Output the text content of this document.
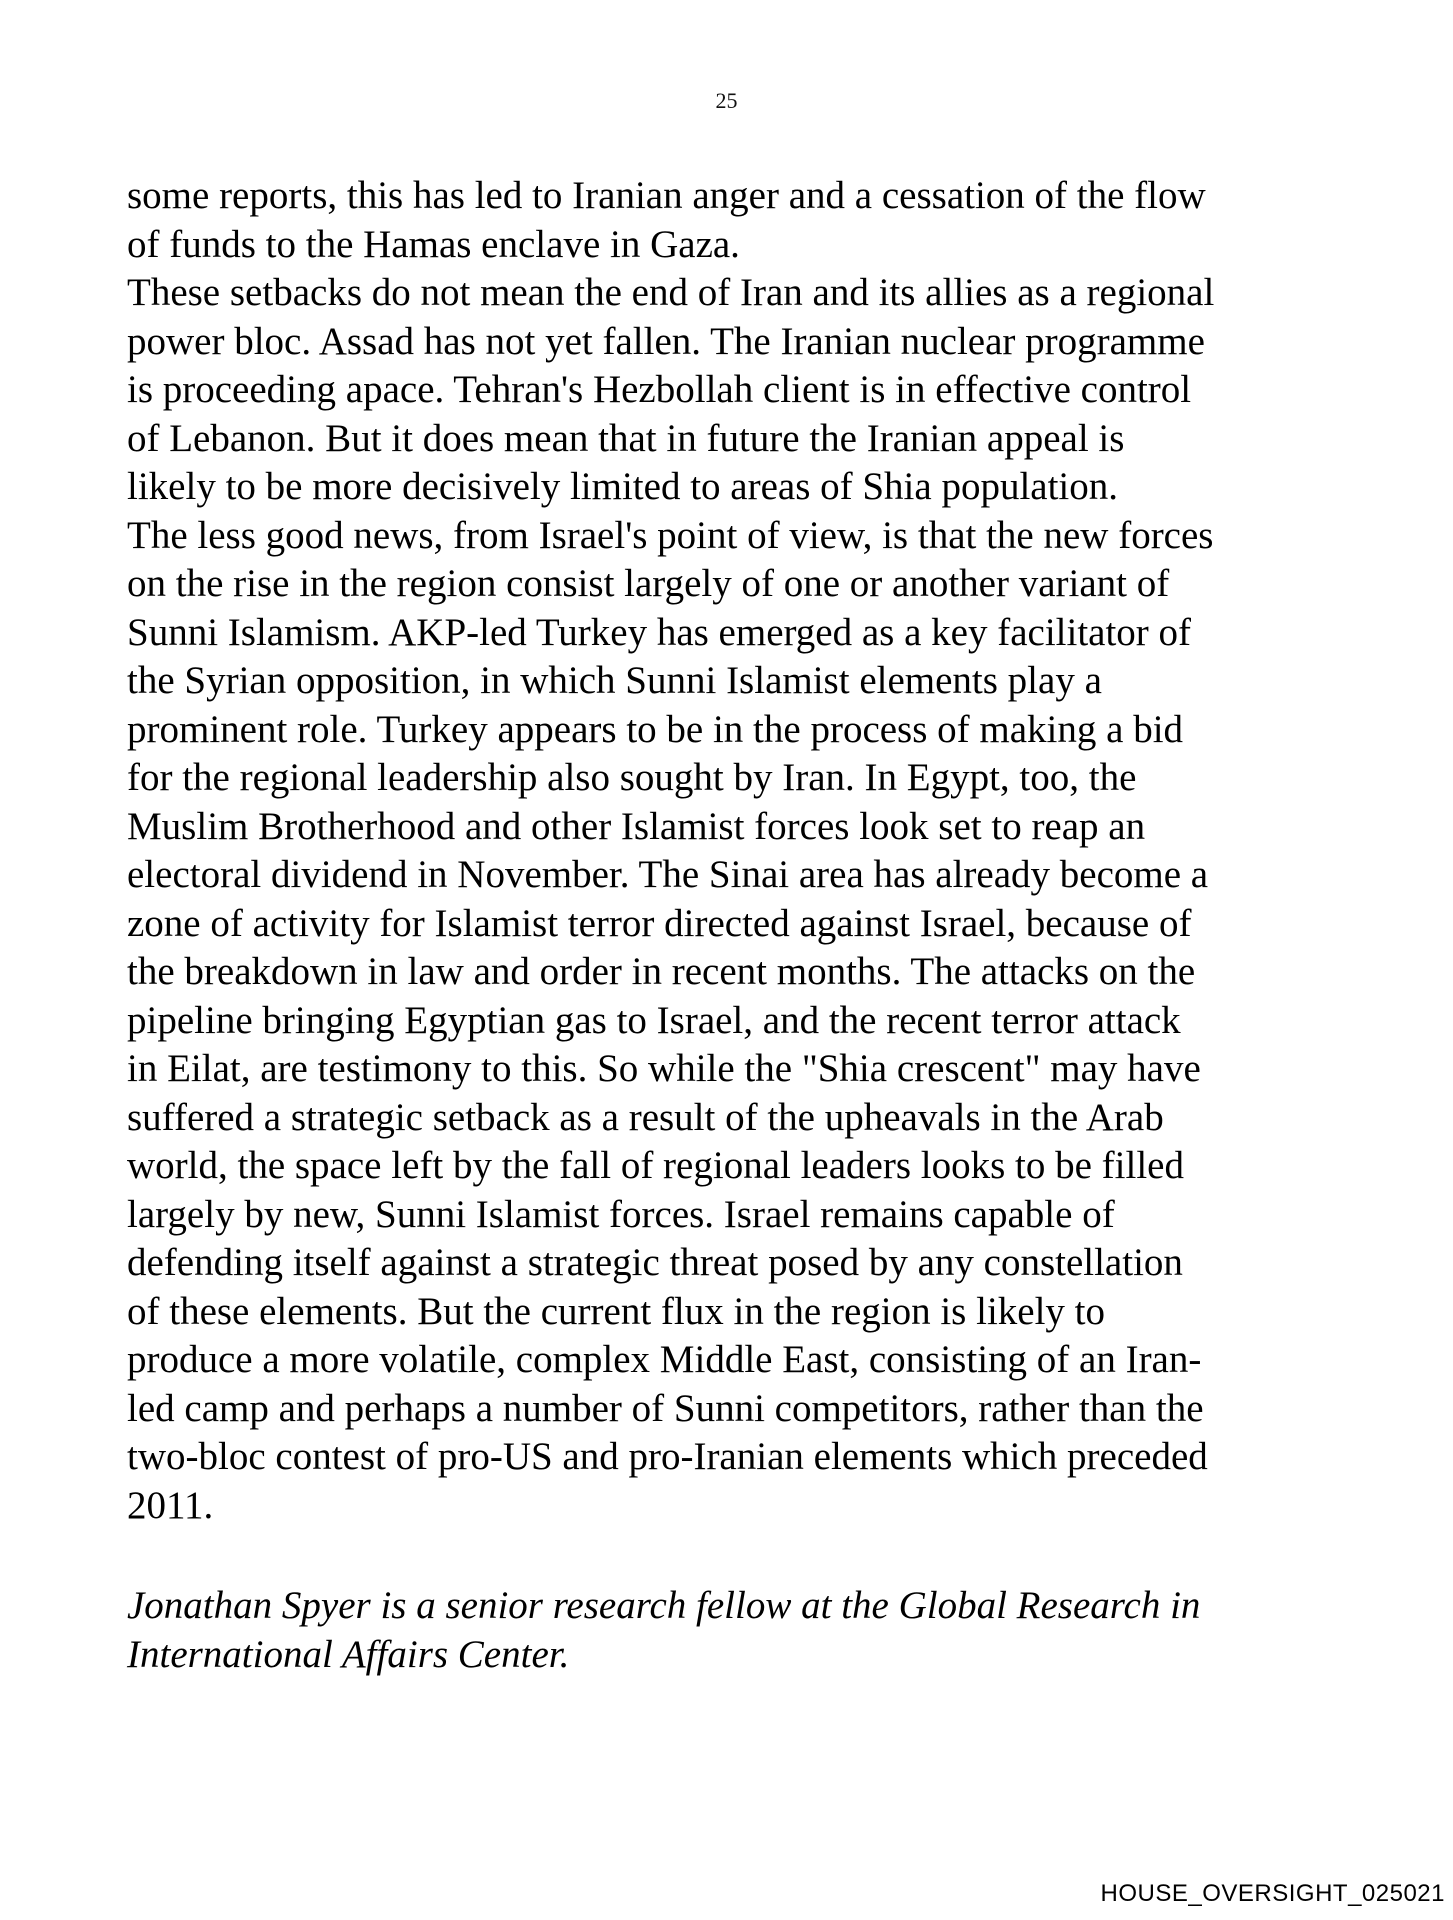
25
some reports, this has led to Iranian anger and a cessation of the flow
of funds to the Hamas enclave in Gaza.
These setbacks do not mean the end of Iran and its allies as a regional
power bloc. Assad has not yet fallen. The Iranian nuclear programme
is proceeding apace. Tehran's Hezbollah client is in effective control
of Lebanon. But it does mean that in future the Iranian appeal is
likely to be more decisively limited to areas of Shia population.
The less good news, from Israel's point of view, is that the new forces
on the rise in the region consist largely of one or another variant of
Sunni Islamism. AKP-led Turkey has emerged as a key facilitator of
the Syrian opposition, in which Sunni Islamist elements play a
prominent role. Turkey appears to be in the process of making a bid
for the regional leadership also sought by Iran. In Egypt, too, the
Muslim Brotherhood and other Islamist forces look set to reap an
electoral dividend in November. The Sinai area has already become a
zone of activity for Islamist terror directed against Israel, because of
the breakdown in law and order in recent months. The attacks on the
pipeline bringing Egyptian gas to Israel, and the recent terror attack
in Eilat, are testimony to this. So while the "Shia crescent" may have
suffered a strategic setback as a result of the upheavals in the Arab
world, the space left by the fall of regional leaders looks to be filled
largely by new, Sunni Islamist forces. Israel remains capable of
defending itself against a strategic threat posed by any constellation
of these elements. But the current flux in the region is likely to
produce a more volatile, complex Middle East, consisting of an Iran-
led camp and perhaps a number of Sunni competitors, rather than the
two-bloc contest of pro-US and pro-Iranian elements which preceded
2011.
Jonathan Spyer is a senior research fellow at the Global Research in
International Affairs Center.
HOUSE_OVERSIGHT_025021
